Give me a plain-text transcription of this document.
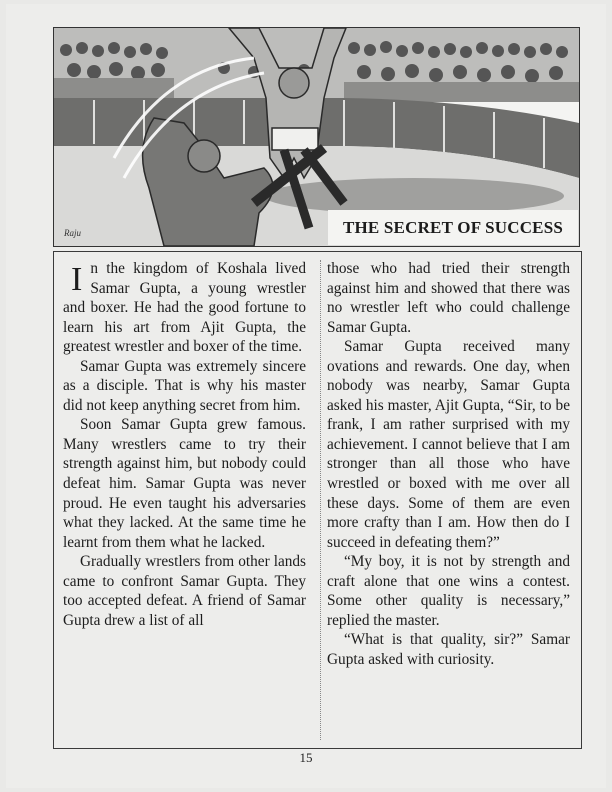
Raju	THE SECRET OF SUCCESS

In the kingdom of Koshala lived Samar Gupta, a young wrestler and boxer. He had the good fortune to learn his art from Ajit Gupta, the greatest wrestler and boxer of the time.

Samar Gupta was extremely sincere as a disciple. That is why his master did not keep anything secret from him.

Soon Samar Gupta grew famous. Many wrestlers came to try their strength against him, but nobody could defeat him. Samar Gupta was never proud. He even taught his adversaries what they lacked. At the same time he learnt from them what he lacked.

Gradually wrestlers from other lands came to confront Samar Gupta. They too accepted defeat. A friend of Samar Gupta drew a list of all

those who had tried their strength against him and showed that there was no wrestler left who could challenge Samar Gupta.

Samar Gupta received many ovations and rewards. One day, when nobody was nearby, Samar Gupta asked his master, Ajit Gupta, “Sir, to be frank, I am rather surprised with my achievement. I cannot believe that I am stronger than all those who have wrestled or boxed with me over all these days. Some of them are even more crafty than I am. How then do I succeed in defeating them?”

“My boy, it is not by strength and craft alone that one wins a contest. Some other quality is necessary,” replied the master.

“What is that quality, sir?” Samar Gupta asked with curiosity.

15
